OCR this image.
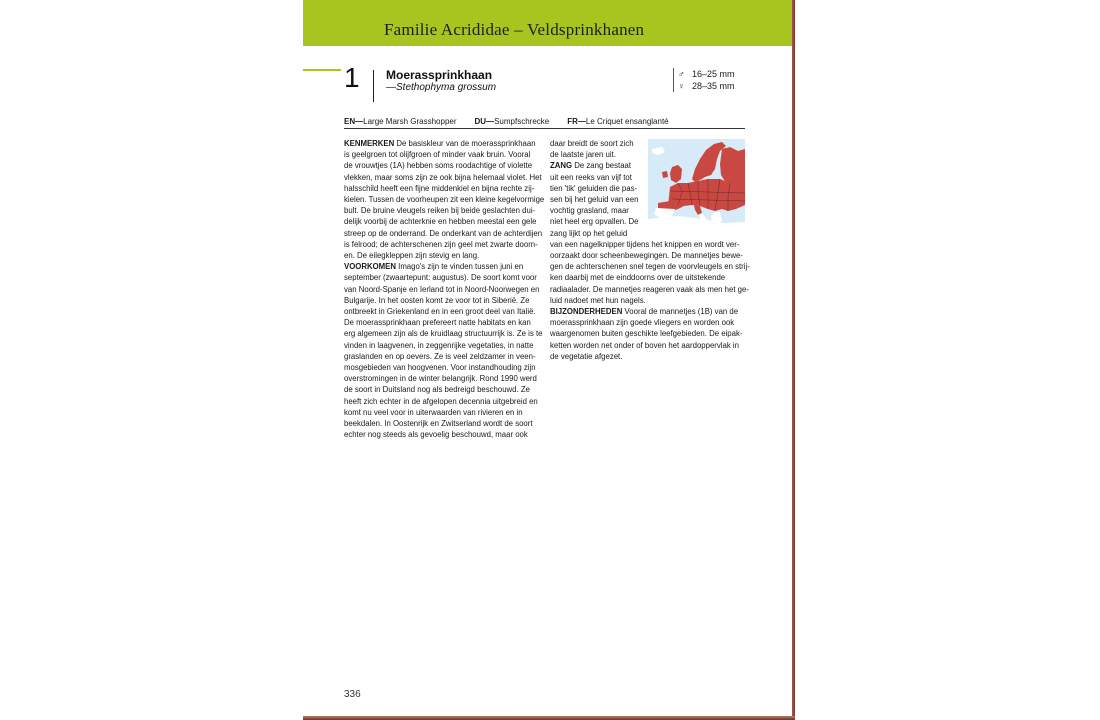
Familie Acrididae – Veldsprinkhanen
1 Moerassprinkhaan
—Stethophyma grossum
♂ 16–25 mm
♀ 28–35 mm
EN—Large Marsh Grasshopper DU—Sumpfschrecke FR—Le Criquet ensanglanté
KENMERKEN De basiskleur van de moerassprinkhaan
is geelgroen tot olijfgroen of minder vaak bruin. Vooral
de vrouwtjes (1A) hebben soms roodachtige of violette
vlekken, maar soms zijn ze ook bijna helemaal violet. Het
halsschild heeft een fijne middenkiel en bijna rechte zij-
kielen. Tussen de voorheupen zit een kleine kegelvormige
bult. De bruine vleugels reiken bij beide geslachten dui-
delijk voorbij de achterknie en hebben meestal een gele
streep op de onderrand. De onderkant van de achterdijen
is felrood; de achterschenen zijn geel met zwarte doorn-
en. De eilegkleppen zijn stevig en lang.
VOORKOMEN Imago's zijn te vinden tussen juni en
september (zwaartepunt: augustus). De soort komt voor
van Noord-Spanje en Ierland tot in Noord-Noorwegen en
Bulgarije. In het oosten komt ze voor tot in Siberië. Ze
ontbreekt in Griekenland en in een groot deel van Italië.
De moerassprinkhaan prefereert natte habitats en kan
erg algemeen zijn als de kruidlaag structuurrijk is. Ze is te
vinden in laagvenen, in zeggenrijke vegetaties, in natte
graslanden en op oevers. Ze is veel zeldzamer in veen-
mosgebieden van hoogvenen. Voor instandhouding zijn
overstromingen in de winter belangrijk. Rond 1990 werd
de soort in Duitsland nog als bedreigd beschouwd. Ze
heeft zich echter in de afgelopen decennia uitgebreid en
komt nu veel voor in uiterwaarden van rivieren en in
beekdalen. In Oostenrijk en Zwitserland wordt de soort
echter nog steeds als gevoelig beschouwd, maar ook
daar breidt de soort zich
de laatste jaren uit.
ZANG De zang bestaat
uit een reeks van vijf tot
tien 'tik' geluiden die pas-
sen bij het geluid van een
vochtig grasland, maar
niet heel erg opvallen. De
zang lijkt op het geluid
van een nagelknipper tijdens het knippen en wordt ver-
oorzaakt door scheenbewegingen. De mannetjes bewe-
gen de achterschenen snel tegen de voorvleugels en strij-
ken daarbij met de einddoorns over de uitstekende
radiaalader. De mannetjes reageren vaak als men het ge-
luid nadoet met hun nagels.
BIJZONDERHEDEN Vooral de mannetjes (1B) van de
moerassprinkhaan zijn goede vliegers en worden ook
waargenomen buiten geschikte leefgebieden. De eipak-
ketten worden net onder of boven het aardoppervlak in
de vegetatie afgezet.
336
